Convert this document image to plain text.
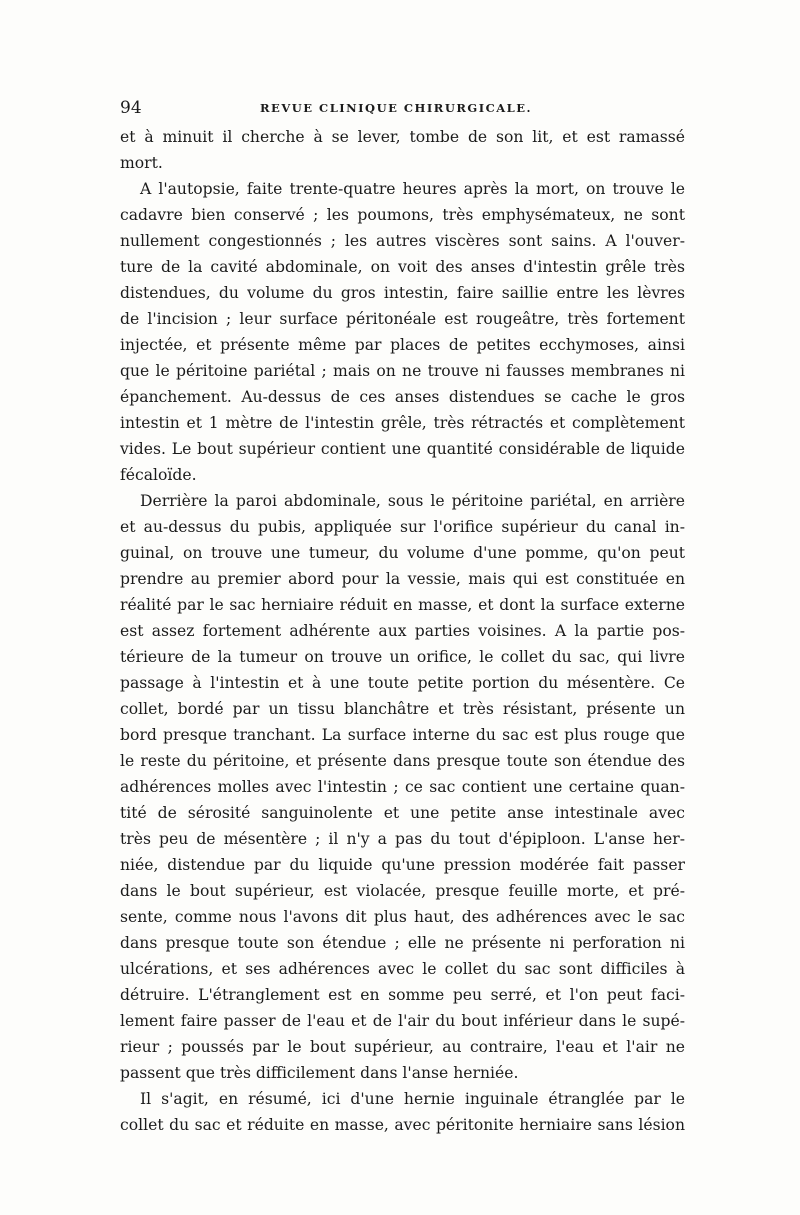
94	REVUE CLINIQUE CHIRURGICALE.

et à minuit il cherche à se lever, tombe de son lit, et est ramassé
mort.

A l'autopsie, faite trente-quatre heures après la mort, on trouve le
cadavre bien conservé ; les poumons, très emphysémateux, ne sont
nullement congestionnés ; les autres viscères sont sains. A l'ouver-
ture de la cavité abdominale, on voit des anses d'intestin grêle très
distendues, du volume du gros intestin, faire saillie entre les lèvres
de l'incision ; leur surface péritonéale est rougeâtre, très fortement
injectée, et présente même par places de petites ecchymoses, ainsi
que le péritoine pariétal ; mais on ne trouve ni fausses membranes ni
épanchement. Au-dessus de ces anses distendues se cache le gros
intestin et 1 mètre de l'intestin grêle, très rétractés et complètement
vides. Le bout supérieur contient une quantité considérable de liquide
fécaloïde.

Derrière la paroi abdominale, sous le péritoine pariétal, en arrière
et au-dessus du pubis, appliquée sur l'orifice supérieur du canal in-
guinal, on trouve une tumeur, du volume d'une pomme, qu'on peut
prendre au premier abord pour la vessie, mais qui est constituée en
réalité par le sac herniaire réduit en masse, et dont la surface externe
est assez fortement adhérente aux parties voisines. A la partie pos-
térieure de la tumeur on trouve un orifice, le collet du sac, qui livre
passage à l'intestin et à une toute petite portion du mésentère. Ce
collet, bordé par un tissu blanchâtre et très résistant, présente un
bord presque tranchant. La surface interne du sac est plus rouge que
le reste du péritoine, et présente dans presque toute son étendue des
adhérences molles avec l'intestin ; ce sac contient une certaine quan-
tité de sérosité sanguinolente et une petite anse intestinale avec
très peu de mésentère ; il n'y a pas du tout d'épiploon. L'anse her-
niée, distendue par du liquide qu'une pression modérée fait passer
dans le bout supérieur, est violacée, presque feuille morte, et pré-
sente, comme nous l'avons dit plus haut, des adhérences avec le sac
dans presque toute son étendue ; elle ne présente ni perforation ni
ulcérations, et ses adhérences avec le collet du sac sont difficiles à
détruire. L'étranglement est en somme peu serré, et l'on peut faci-
lement faire passer de l'eau et de l'air du bout inférieur dans le supé-
rieur ; poussés par le bout supérieur, au contraire, l'eau et l'air ne
passent que très difficilement dans l'anse herniée.

Il s'agit, en résumé, ici d'une hernie inguinale étranglée par le
collet du sac et réduite en masse, avec péritonite herniaire sans lésion
